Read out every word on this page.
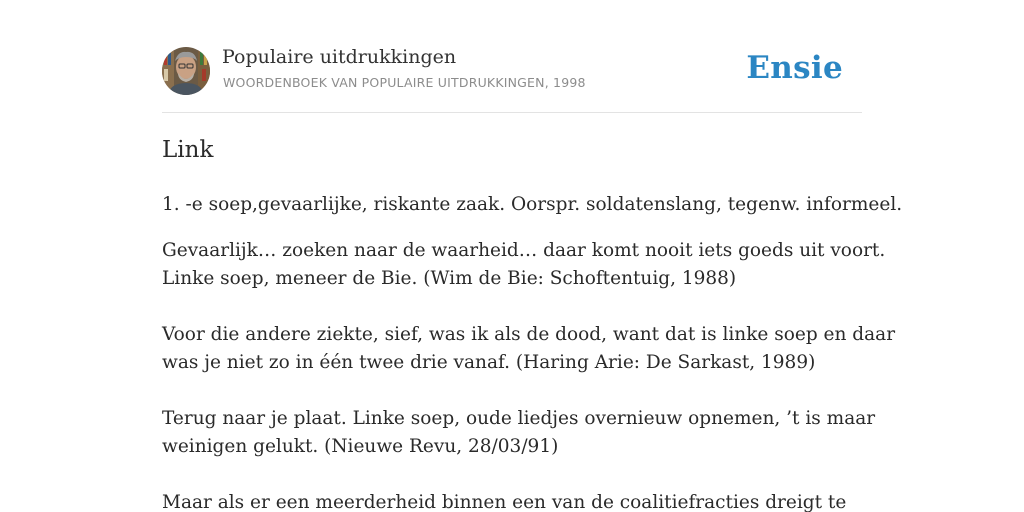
Populaire uitdrukkingen
WOORDENBOEK VAN POPULAIRE UITDRUKKINGEN, 1998	Ensie
Link

1. -e soep,gevaarlijke, riskante zaak. Oorspr. soldatenslang, tegenw. informeel.

Gevaarlijk… zoeken naar de waarheid… daar komt nooit iets goeds uit voort.
Linke soep, meneer de Bie. (Wim de Bie: Schoftentuig, 1988)

Voor die andere ziekte, sief, was ik als de dood, want dat is linke soep en daar
was je niet zo in één twee drie vanaf. (Haring Arie: De Sarkast, 1989)

Terug naar je plaat. Linke soep, oude liedjes overnieuw opnemen, ’t is maar
weinigen gelukt. (Nieuwe Revu, 28/03/91)

Maar als er een meerderheid binnen een van de coalitiefracties dreigt te
